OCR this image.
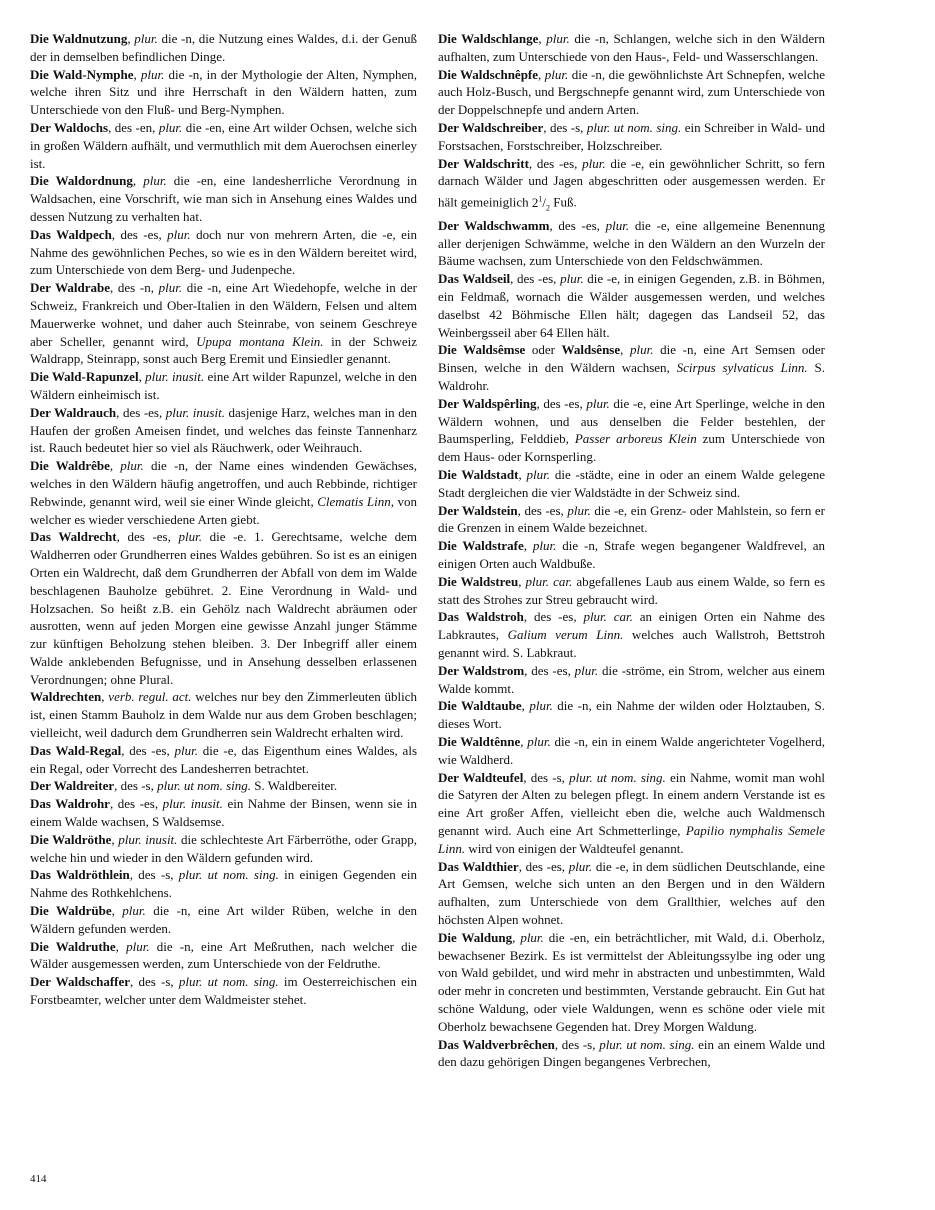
Die Waldnutzung, plur. die -n, die Nutzung eines Waldes, d.i. der Genuß der in demselben befindlichen Dinge.

Die Wald-Nymphe, plur. die -n, in der Mythologie der Alten, Nymphen, welche ihren Sitz und ihre Herrschaft in den Wäldern hatten, zum Unterschiede von den Fluß- und Berg-Nymphen.

Der Waldochs, des -en, plur. die -en, eine Art wilder Ochsen, welche sich in großen Wäldern aufhält, und vermuthlich mit dem Auerochsen einerley ist.

Die Waldordnung, plur. die -en, eine landesherrliche Verordnung in Waldsachen, eine Vorschrift, wie man sich in Ansehung eines Waldes und dessen Nutzung zu verhalten hat.

Das Waldpech, des -es, plur. doch nur von mehrern Arten, die -e, ein Nahme des gewöhnlichen Peches, so wie es in den Wäldern bereitet wird, zum Unterschiede von dem Berg- und Judenpeche.

Der Waldrabe, des -n, plur. die -n, eine Art Wiedehopfe, welche in der Schweiz, Frankreich und Ober-Italien in den Wäldern, Felsen und altem Mauerwerke wohnet, und daher auch Steinrabe, von seinem Geschreye aber Scheller, genannt wird, Upupa montana Klein. in der Schweiz Waldrapp, Steinrapp, sonst auch Berg Eremit und Einsiedler genannt.

Die Wald-Rapunzel, plur. inusit. eine Art wilder Rapunzel, welche in den Wäldern einheimisch ist.

Der Waldrauch, des -es, plur. inusit. dasjenige Harz, welches man in den Haufen der großen Ameisen findet, und welches das feinste Tannenharz ist. Rauch bedeutet hier so viel als Räuchwerk, oder Weihrauch.

Die Waldrêbe, plur. die -n, der Name eines windenden Gewächses, welches in den Wäldern häufig angetroffen, und auch Rebbinde, richtiger Rebwinde, genannt wird, weil sie einer Winde gleicht, Clematis Linn, von welcher es wieder verschiedene Arten giebt.

Das Waldrecht, des -es, plur. die -e. 1. Gerechtsame, welche dem Waldherren oder Grundherren eines Waldes gebühren. So ist es an einigen Orten ein Waldrecht, daß dem Grundherren der Abfall von dem im Walde beschlagenen Bauholze gebühret. 2. Eine Verordnung in Wald- und Holzsachen. So heißt z.B. ein Gehölz nach Waldrecht abräumen oder ausrotten, wenn auf jeden Morgen eine gewisse Anzahl junger Stämme zur künftigen Beholzung stehen bleiben. 3. Der Inbegriff aller einem Walde anklebenden Befugnisse, und in Ansehung desselben erlassenen Verordnungen; ohne Plural.

Waldrechten, verb. regul. act. welches nur bey den Zimmerleuten üblich ist, einen Stamm Bauholz in dem Walde nur aus dem Groben beschlagen; vielleicht, weil dadurch dem Grundherren sein Waldrecht erhalten wird.

Das Wald-Regal, des -es, plur. die -e, das Eigenthum eines Waldes, als ein Regal, oder Vorrecht des Landesherren betrachtet.

Der Waldreiter, des -s, plur. ut nom. sing. S. Waldbereiter.

Das Waldrohr, des -es, plur. inusit. ein Nahme der Binsen, wenn sie in einem Walde wachsen, S Waldsemse.

Die Waldröthe, plur. inusit. die schlechteste Art Färberröthe, oder Grapp, welche hin und wieder in den Wäldern gefunden wird.

Das Waldröthlein, des -s, plur. ut nom. sing. in einigen Gegenden ein Nahme des Rothkehlchens.

Die Waldrübe, plur. die -n, eine Art wilder Rüben, welche in den Wäldern gefunden werden.

Die Waldruthe, plur. die -n, eine Art Meßruthen, nach welcher die Wälder ausgemessen werden, zum Unterschiede von der Feldruthe.

Der Waldschaffer, des -s, plur. ut nom. sing. im Oesterreichischen ein Forstbeamter, welcher unter dem Waldmeister stehet.

Die Waldschlange, plur. die -n, Schlangen, welche sich in den Wäldern aufhalten, zum Unterschiede von den Haus-, Feld- und Wasserschlangen.

Die Waldschnêpfe, plur. die -n, die gewöhnlichste Art Schnepfen, welche auch Holz-Busch, und Bergschnepfe genannt wird, zum Unterschiede von der Doppelschnepfe und andern Arten.

Der Waldschreiber, des -s, plur. ut nom. sing. ein Schreiber in Wald- und Forstsachen, Forstschreiber, Holzschreiber.

Der Waldschritt, des -es, plur. die -e, ein gewöhnlicher Schritt, so fern darnach Wälder und Jagen abgeschritten oder ausgemessen werden. Er hält gemeiniglich $2^1/_2$ Fuß.

Der Waldschwamm, des -es, plur. die -e, eine allgemeine Benennung aller derjenigen Schwämme, welche in den Wäldern an den Wurzeln der Bäume wachsen, zum Unterschiede von den Feldschwämmen.

Das Waldseil, des -es, plur. die -e, in einigen Gegenden, z.B. in Böhmen, ein Feldmaß, wornach die Wälder ausgemessen werden, und welches daselbst 42 Böhmische Ellen hält; dagegen das Landseil 52, das Weinbergsseil aber 64 Ellen hält.

Die Waldsêmse oder Waldsênse, plur. die -n, eine Art Semsen oder Binsen, welche in den Wäldern wachsen, Scirpus sylvaticus Linn. S. Waldrohr.

Der Waldspêrling, des -es, plur. die -e, eine Art Sperlinge, welche in den Wäldern wohnen, und aus denselben die Felder bestehlen, der Baumsperling, Felddieb, Passer arboreus Klein zum Unterschiede von dem Haus- oder Kornsperling.

Die Waldstadt, plur. die -städte, eine in oder an einem Walde gelegene Stadt dergleichen die vier Waldstädte in der Schweiz sind.

Der Waldstein, des -es, plur. die -e, ein Grenz- oder Mahlstein, so fern er die Grenzen in einem Walde bezeichnet.

Die Waldstrafe, plur. die -n, Strafe wegen begangener Waldfrevel, an einigen Orten auch Waldbuße.

Die Waldstreu, plur. car. abgefallenes Laub aus einem Walde, so fern es statt des Strohes zur Streu gebraucht wird.

Das Waldstroh, des -es, plur. car. an einigen Orten ein Nahme des Labkrautes, Galium verum Linn. welches auch Wallstroh, Bettstroh genannt wird. S. Labkraut.

Der Waldstrom, des -es, plur. die -ströme, ein Strom, welcher aus einem Walde kommt.

Die Waldtaube, plur. die -n, ein Nahme der wilden oder Holztauben, S. dieses Wort.

Die Waldtênne, plur. die -n, ein in einem Walde angerichteter Vogelherd, wie Waldherd.

Der Waldteufel, des -s, plur. ut nom. sing. ein Nahme, womit man wohl die Satyren der Alten zu belegen pflegt. In einem andern Verstande ist es eine Art großer Affen, vielleicht eben die, welche auch Waldmensch genannt wird. Auch eine Art Schmetterlinge, Papilio nymphalis Semele Linn. wird von einigen der Waldteufel genannt.

Das Waldthier, des -es, plur. die -e, in dem südlichen Deutschlande, eine Art Gemsen, welche sich unten an den Bergen und in den Wäldern aufhalten, zum Unterschiede von dem Grallthier, welches auf den höchsten Alpen wohnet.

Die Waldung, plur. die -en, ein beträchtlicher, mit Wald, d.i. Oberholz, bewachsener Bezirk. Es ist vermittelst der Ableitungssylbe ing oder ung von Wald gebildet, und wird mehr in abstracten und unbestimmten, Wald oder mehr in concreten und bestimmten, Verstande gebraucht. Ein Gut hat schöne Waldung, oder viele Waldungen, wenn es schöne oder viele mit Oberholz bewachsene Gegenden hat. Drey Morgen Waldung.

Das Waldverbrêchen, des -s, plur. ut nom. sing. ein an einem Walde und den dazu gehörigen Dingen begangenes Verbrechen,

414
